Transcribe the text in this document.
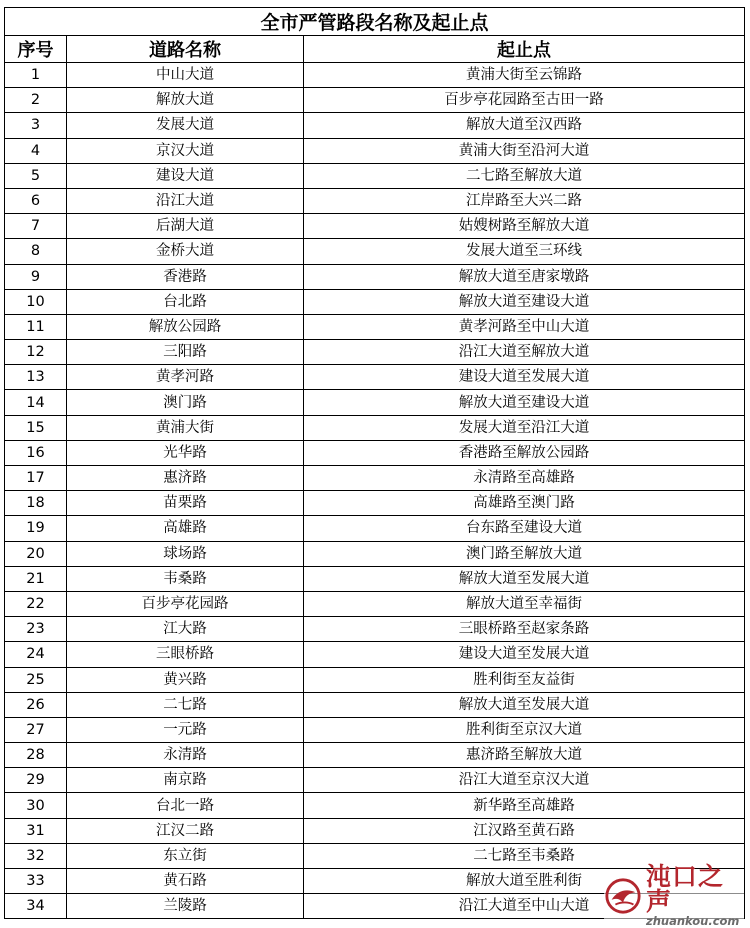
全市严管路段名称及起止点		
序号	道路名称	起止点
1	中山大道	黄浦大街至云锦路
2	解放大道	百步亭花园路至古田一路
3	发展大道	解放大道至汉西路
4	京汉大道	黄浦大街至沿河大道
5	建设大道	二七路至解放大道
6	沿江大道	江岸路至大兴二路
7	后湖大道	姑嫂树路至解放大道
8	金桥大道	发展大道至三环线
9	香港路	解放大道至唐家墩路
10	台北路	解放大道至建设大道
11	解放公园路	黄孝河路至中山大道
12	三阳路	沿江大道至解放大道
13	黄孝河路	建设大道至发展大道
14	澳门路	解放大道至建设大道
15	黄浦大街	发展大道至沿江大道
16	光华路	香港路至解放公园路
17	惠济路	永清路至高雄路
18	苗栗路	高雄路至澳门路
19	高雄路	台东路至建设大道
20	球场路	澳门路至解放大道
21	韦桑路	解放大道至发展大道
22	百步亭花园路	解放大道至幸福街
23	江大路	三眼桥路至赵家条路
24	三眼桥路	建设大道至发展大道
25	黄兴路	胜利街至友益街
26	二七路	解放大道至发展大道
27	一元路	胜利街至京汉大道
28	永清路	惠济路至解放大道
29	南京路	沿江大道至京汉大道
30	台北一路	新华路至高雄路
31	江汉二路	江汉路至黄石路
32	东立街	二七路至韦桑路
33	黄石路	解放大道至胜利街
34	兰陵路	沿江大道至中山大道
沌口之声
zhuankou.com
